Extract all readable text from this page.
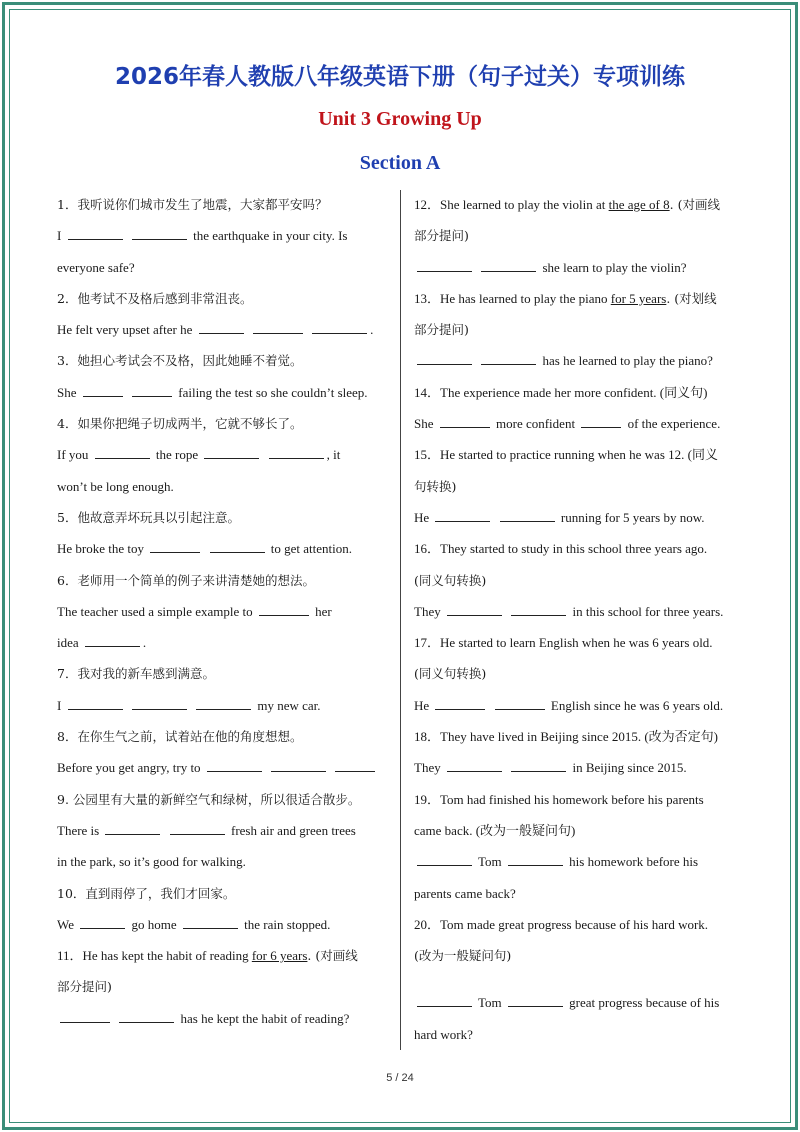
2026年春人教版八年级英语下册（句子过关）专项训练
Unit 3 Growing Up
Section A
1．我听说你们城市发生了地震，大家都平安吗？
I	the earthquake in your city. Is
everyone safe?
2．他考试不及格后感到非常沮丧。
He felt very upset after he	.
3．她担心考试会不及格，因此她睡不着觉。
She	failing the test so she couldn’t sleep.
4．如果你把绳子切成两半，它就不够长了。
If you	the rope	, it
won’t be long enough.
5．他故意弄坏玩具以引起注意。
He broke the toy	to get attention.
6．老师用一个简单的例子来讲清楚她的想法。
The teacher used a simple example to	her
idea	.
7．我对我的新车感到满意。
I	my new car.
8．在你生气之前，试着站在他的角度想想。
Before you get angry, try to
9. 公园里有大量的新鲜空气和绿树，所以很适合散步。
There is	fresh air and green trees
in the park, so it’s good for walking.
10．直到雨停了，我们才回家。
We	go home	the rain stopped.
11．He has kept the habit of reading for 6 years. (对画线
部分提问)
has he kept the habit of reading?
12．She learned to play the violin at the age of 8. (对画线
部分提问)
she learn to play the violin?
13．He has learned to play the piano for 5 years. (对划线
部分提问)
has he learned to play the piano?
14．The experience made her more confident. (同义句)
She	more confident	of the experience.
15．He started to practice running when he was 12. (同义
句转换)
He	running for 5 years by now.
16．They started to study in this school three years ago.
(同义句转换)
They	in this school for three years.
17．He started to learn English when he was 6 years old.
(同义句转换)
He	English since he was 6 years old.
18．They have lived in Beijing since 2015. (改为否定句)
They	in Beijing since 2015.
19．Tom had finished his homework before his parents
came back. (改为一般疑问句)
Tom	his homework before his
parents came back?
20．Tom made great progress because of his hard work.
(改为一般疑问句)
Tom	great progress because of his
hard work?
5 / 24
